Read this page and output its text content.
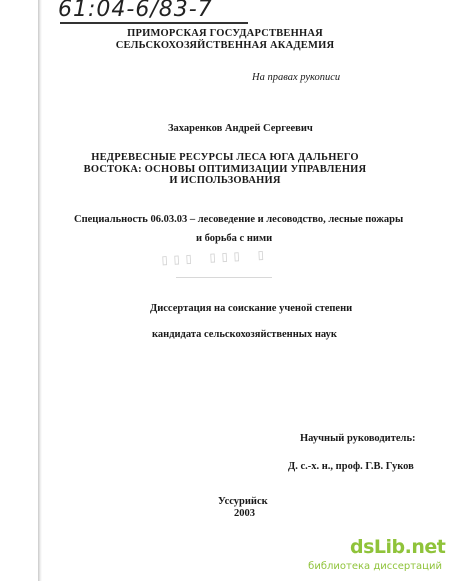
61:04-6/83-7
ПРИМОРСКАЯ ГОСУДАРСТВЕННАЯ
СЕЛЬСКОХОЗЯЙСТВЕННАЯ АКАДЕМИЯ
На правах рукописи
Захаренков Андрей Сергеевич
НЕДРЕВЕСНЫЕ РЕСУРСЫ ЛЕСА ЮГА ДАЛЬНЕГО
ВОСТОКА: ОСНОВЫ ОПТИМИЗАЦИИ УПРАВЛЕНИЯ
И ИСПОЛЬЗОВАНИЯ
Специальность 06.03.03 – лесоведение и лесоводство, лесные пожары
и борьба с ними
▯▯▯ ▯▯▯ ▯
Диссертация на соискание ученой степени
кандидата сельскохозяйственных наук
Научный руководитель:
Д. с.-х. н., проф. Г.В. Гуков
Уссурийск
2003
dsLib.net
библиотека диссертаций
